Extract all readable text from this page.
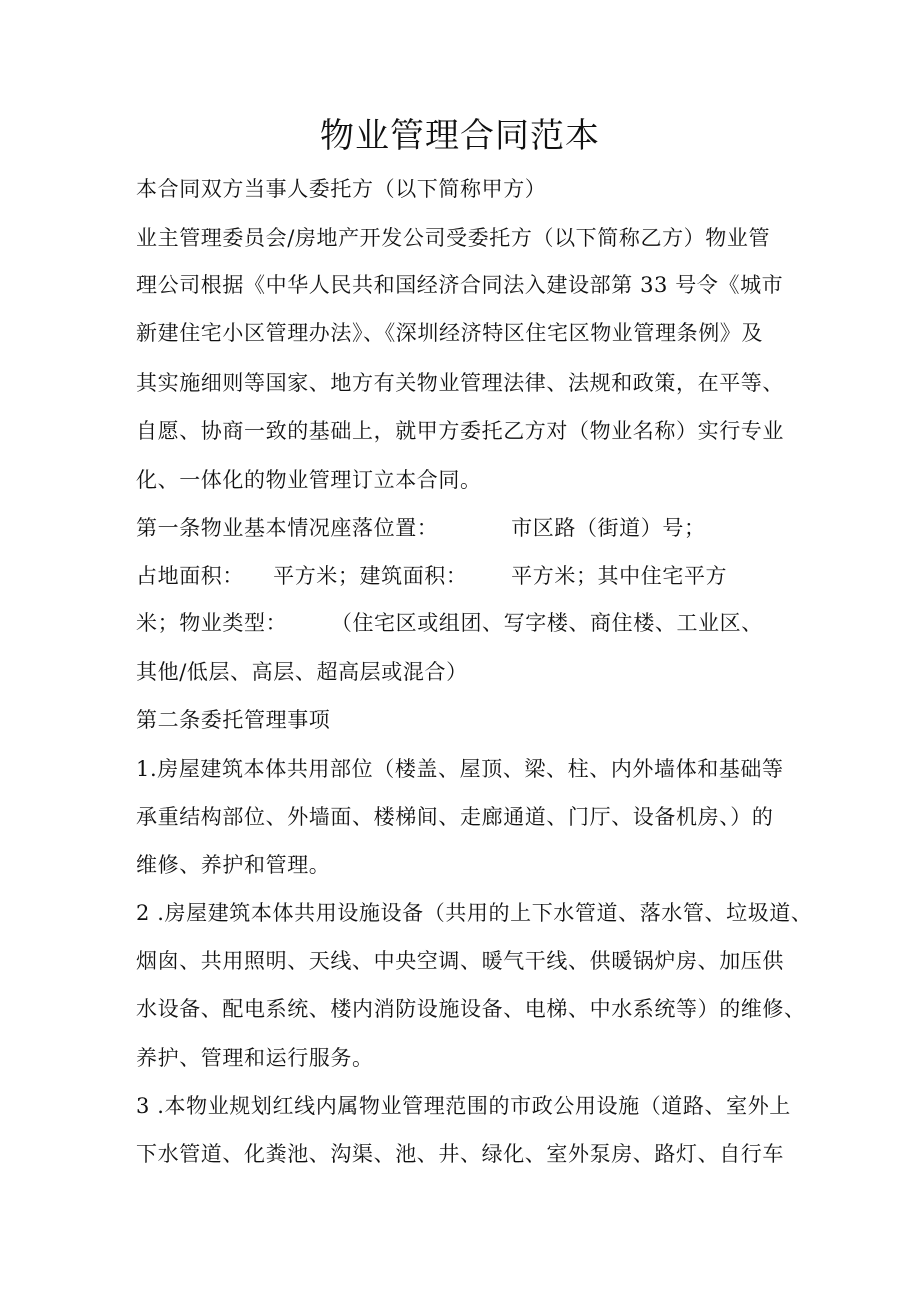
物业管理合同范本
本合同双方当事人委托方（以下简称甲方）
业主管理委员会/房地产开发公司受委托方（以下简称乙方）物业管
理公司根据《中华人民共和国经济合同法入建设部第 33 号令《城市
新建住宅小区管理办法》、《深圳经济特区住宅区物业管理条例》及
其实施细则等国家、地方有关物业管理法律、法规和政策，在平等、
自愿、协商一致的基础上，就甲方委托乙方对（物业名称）实行专业
化、一体化的物业管理订立本合同。
第一条物业基本情况座落位置：          市区路（街道）号；
占地面积：    平方米；建筑面积：      平方米；其中住宅平方
米；物业类型：      （住宅区或组团、写字楼、商住楼、工业区、
其他/低层、高层、超高层或混合）
第二条委托管理事项
1.房屋建筑本体共用部位（楼盖、屋顶、梁、柱、内外墙体和基础等
承重结构部位、外墙面、楼梯间、走廊通道、门厅、设备机房、）的
维修、养护和管理。
2 .房屋建筑本体共用设施设备（共用的上下水管道、落水管、垃圾道、
烟囱、共用照明、天线、中央空调、暖气干线、供暖锅炉房、加压供
水设备、配电系统、楼内消防设施设备、电梯、中水系统等）的维修、
养护、管理和运行服务。
3 .本物业规划红线内属物业管理范围的市政公用设施（道路、室外上
下水管道、化粪池、沟渠、池、井、绿化、室外泵房、路灯、自行车
